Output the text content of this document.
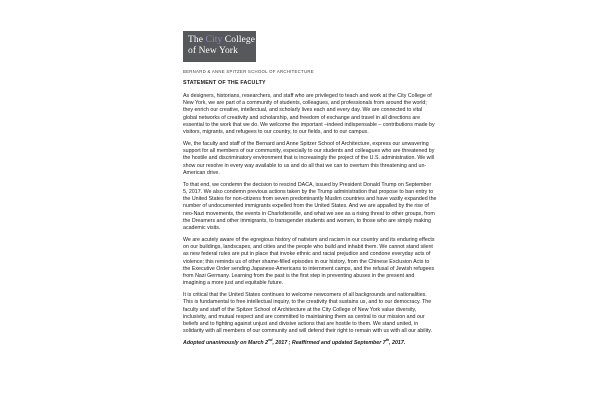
The City College
of New York
BERNARD & ANNE SPITZER SCHOOL OF ARCHITECTURE
STATEMENT OF THE FACULTY

As designers, historians, researchers, and staff who are privileged to teach and work at the City College of New York, we are part of a community of students, colleagues, and professionals from around the world; they enrich our creative, intellectual, and scholarly lives each and every day. We are connected to vital global networks of creativity and scholarship, and freedom of exchange and travel in all directions are essential to the work that we do. We welcome the important –indeed indispensable – contributions made by visitors, migrants, and refugees to our country, to our fields, and to our campus.

We, the faculty and staff of the Bernard and Anne Spitzer School of Architecture, express our unwavering support for all members of our community, especially to our students and colleagues who are threatened by the hostile and discriminatory environment that is increasingly the project of the U.S. administration. We will show our resolve in every way available to us and do all that we can to overturn this threatening and un-American drive.

To that end, we condemn the decision to rescind DACA, issued by President Donald Trump on September 5, 2017. We also condemn previous actions taken by the Trump administration that propose to ban entry to the United States for non-citizens from seven predominantly Muslim countries and have vastly expanded the number of undocumented immigrants expelled from the United States. And we are appalled by the rise of neo-Nazi movements, the events in Charlottesville, and what we see as a rising threat to other groups, from the Dreamers and other immigrants, to transgender students and women, to those who are simply making academic visits.

We are acutely aware of the egregious history of nativism and racism in our country and its enduring effects on our buildings, landscapes, and cities and the people who build and inhabit them. We cannot stand silent as new federal rules are put in place that invoke ethnic and racial prejudice and condone everyday acts of violence; this reminds us of other shame-filled episodes in our history, from the Chinese Exclusion Acts to the Executive Order sending Japanese-Americans to internment camps, and the refusal of Jewish refugees from Nazi Germany. Learning from the past is the first step in preventing abuses in the present and imagining a more just and equitable future.

It is critical that the United States continues to welcome newcomers of all backgrounds and nationalities. This is fundamental to free intellectual inquiry, to the creativity that sustains us, and to our democracy. The faculty and staff of the Spitzer School of Architecture at the City College of New York value diversity, inclusivity, and mutual respect and are committed to maintaining them as central to our mission and our beliefs and to fighting against unjust and divisive actions that are hostile to them. We stand united, in solidarity with all members of our community and will defend their right to remain with us with all our ability.

Adopted unanimously on March 2nd, 2017 ; Reaffirmed and updated September 7th, 2017.
